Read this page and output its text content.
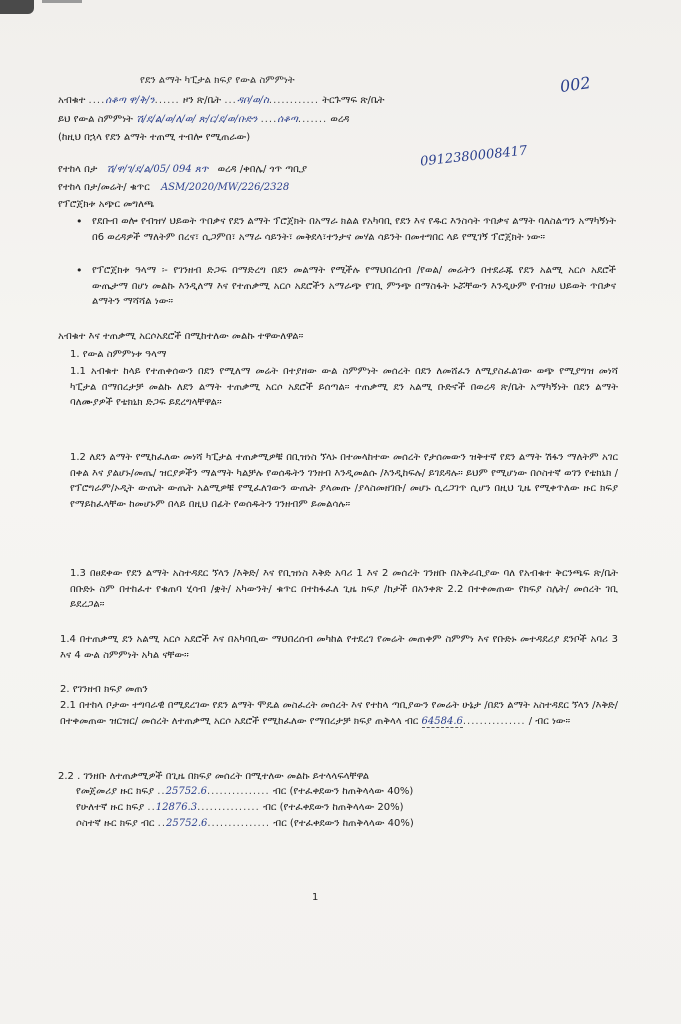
የደን ልማት ካፒታል ክፍያ የውል ስምምነት	002
አብቁተ ....ሰቆጣ ዋ/ቅ/ን...... ዞን ጽ/ቤት ...ዳቦ/ወ/ስ............ ትርጉማፍ ጽ/ቤት
ይህ የውል ስምምነት ሽ/ደ/ል/ወ/ለ/ወ/ ጽ/ር/ደ/ወ/ቡድን ....ሰቆጣ....... ወረዳ
(ከዚህ በኋላ የደን ልማት ተጠሚ ተብሎ የሚጠራው)
የተከላ በታ ሽ/ዋ/ገ/ደ/ል/05/ 094 ጸጥ ወረዳ /ቀበሌ/ ጎጥ ጣቢያ	0912380008417
የተከላ በታ/መሬት/ ቁጥር ASM/2020/MW/226/2328
የፕሮጀክቱ አጭር መግለጫ
• የደቡብ ወሎ የብዝሃ ህይወት ጥበቃና የደን ልማት ፕሮጀክት በአማራ ክልል የአካባቢ የደን እና የዱር እንስሳት ጥበቃና ልማት ባለስልጣን አማካኝነት በ6 ወረዳዎች ማለትም በረና፣ ሲጋምበ፣ አማራ ሳይንት፣ መቅደላ፣ተንታና መሃል ሳይንት በመተግበር ላይ የሚገኝ ፕሮጀክት ነው።
• የፕሮጀክቱ ዓላማ ፡- የገንዘብ ድጋፍ በማድረግ በደን መልማት የሚችሉ የማህበረሰብ /የወል/ መሬትን በተደራጁ የደን አልሚ አርሶ አደሮች ውጤታማ በሆነ መልኩ እንዲለማ እና የተጠቃሚ አርሶ አደሮችን አማራጭ የገቢ ምንጭ በማስፋት ኑሯቸውን እንዲሁም የብዝሀ ህይወት ጥበቃና ልማትን ማሻሻል ነው።
አብቁተ እና ተጠቃሚ አርሶአደሮች በሚከተለው መልኩ ተዋውለዋል።
1. የውል ስምምነቱ ዓላማ
1.1 አብቁተ ከላይ የተጠቀሰውን በደን የሚለማ መሬት በተያዘው ውል ስምምነት መሰረት በደን ለመሸፈን ለሚያስፈልገው ወጭ የሚያግዝ መነሻ ካፒታል በማበረታቻ መልኩ ለደን ልማት ተጠቃሚ አርሶ አደሮች ይሰጣል። ተጠቃሚ ደን አልሚ ቡድኖች በወረዳ ጽ/ቤት አማካኝነት በደን ልማት ባለሙያዎች የቴክኒክ ድጋፍ ይደረግላቸዋል።
1.2 ለደን ልማት የሚከፈለው መነሻ ካፒታል ተጠቃሚዎቹ በቢዝነስ ኘላኑ በተመላከተው መሰረት የታሰመውን ዝቅተኛ የደን ልማት ሽፋን ማለትም አገር በቀል እና ያልሆኑ/መጤ/ ዝርያዎችን ማልማት ካልቻሉ የወሰዱትን ገንዘብ እንዲመልሱ /እንዲከፍሉ/ ይገደዳሉ። ይህም የሚሆነው በሶስተኛ ወገን የቴክኒክ /የፕሮግራም/ኦዲት ውጤት ውጤት አልሚዎቹ የሚፈለገውን ውጤት ያላመጡ /ያላስመዘገቡ/ መሆኑ ሲረጋገጥ ሲሆን በዚህ ጊዜ የሚቀጥለው ዙር ክፍያ የማይከፈላቸው ከመሆኑም በላይ በዚህ በፊት የወሰዱትን ገንዘብም ይመልሳሉ።
1.3 በፀደቀው የደን ልማት አስተዳደር ኘላን /እቅድ/ እና የቢዝነስ እቅድ አባሪ 1 እና 2 መሰረት ገንዘቡ በአቅራቢያው ባለ የአብቁተ ቅርንጫፍ ጽ/ቤት በቡድኑ ስም በተከፈተ የቁጠባ ሂሳብ /ቋት/ አካውንት/ ቁጥር በተከፋፈለ ጊዜ ክፍያ /ከታች በአንቀጽ 2.2 በተቀመጠው የክፍያ ስሌት/ መሰረት ገቢ ይደረጋል።
1.4 በተጠቃሚ ደን አልሚ አርሶ አደሮች እና በአካባቢው ማህበረሰብ መካከል የተደረገ የመሬት መጠቀም ስምምነ እና የቡድኑ መተዳደሪያ ደንቦች አባሪ 3 እና 4 ውል ስምምነት አካል ናቸው።
2. የገንዘብ ክፍያ መጠን
2.1 በተከላ ቦታው ተግባራዊ በሚደረገው የደን ልማት ሞዴል መስፈረት መሰረት እና የተከላ ጣቢያውን የመሬት ሁኔታ /በደን ልማት አስተዳደር ኘላን /እቅድ/ በተቀመጠው ዝርዝር/ መሰረት ለተጠቃሚ አርሶ አደሮች የሚከፈለው የማበረታቻ ክፍያ ጠቅላላ ብር 64584.6............... / ብር ነው።
2.2 . ገንዘቡ ለተጠቃሚዎች በጊዜ በክፍያ መሰረት በሚተለው መልኩ ይተላላፍላቸዋል
የመጀመሪያ ዙር ክፍያ ..25752.6............... ብር (የተፈቀደውን ከጠቅላላው 40%)
የሁለተኛ ዙር ክፍያ ..12876.3............... ብር (የተፈቀደውን ከጠቅላላው 20%)
ሶስተኛ ዙር ክፍያ ብር ..25752.6............... ብር (የተፈቀደውን ከጠቅላላው 40%)
1
